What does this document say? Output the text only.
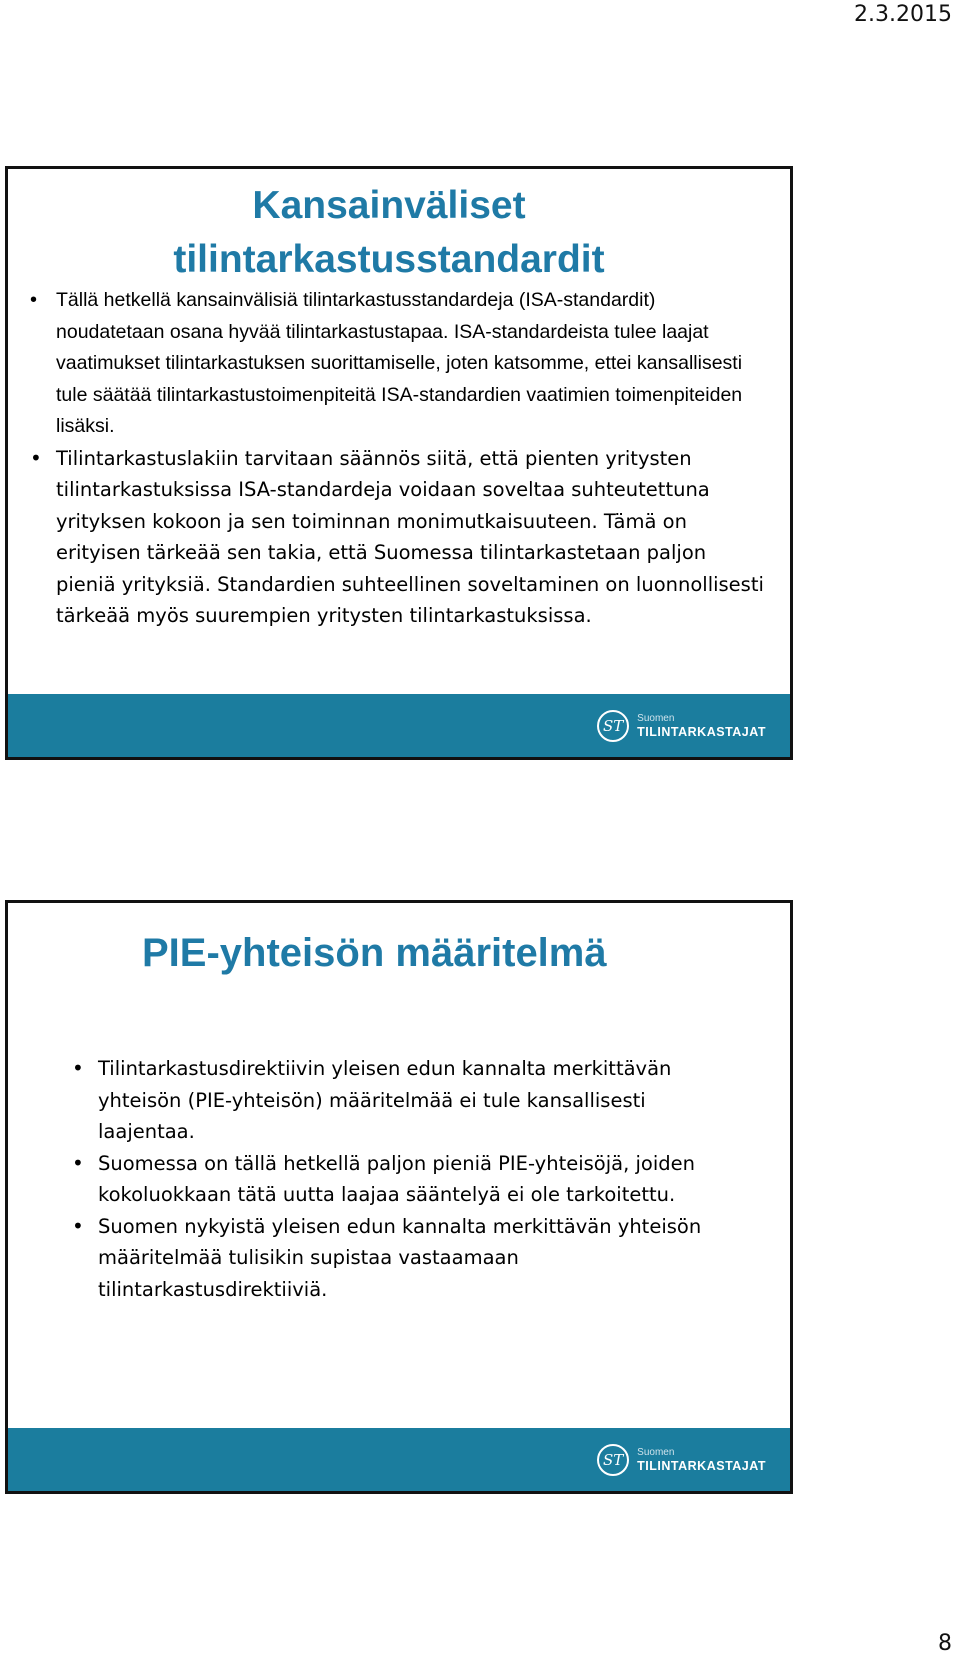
2.3.2015
Kansainväliset tilintarkastusstandardit
• Tällä hetkellä kansainvälisiä tilintarkastusstandardeja (ISA-standardit) noudatetaan osana hyvää tilintarkastustapaa. ISA-standardeista tulee laajat vaatimukset tilintarkastuksen suorittamiselle, joten katsomme, ettei kansallisesti tule säätää tilintarkastustoimenpiteitä ISA-standardien vaatimien toimenpiteiden lisäksi.
• Tilintarkastuslakiin tarvitaan säännös siitä, että pienten yritysten tilintarkastuksissa ISA-standardeja voidaan soveltaa suhteutettuna yrityksen kokoon ja sen toiminnan monimutkaisuuteen. Tämä on erityisen tärkeää sen takia, että Suomessa tilintarkastetaan paljon pieniä yrityksiä. Standardien suhteellinen soveltaminen on luonnollisesti tärkeää myös suurempien yritysten tilintarkastuksissa.
ST Suomen
TILINTARKASTAJAT
PIE-yhteisön määritelmä
• Tilintarkastusdirektiivin yleisen edun kannalta merkittävän yhteisön (PIE-yhteisön) määritelmää ei tule kansallisesti laajentaa.
• Suomessa on tällä hetkellä paljon pieniä PIE-yhteisöjä, joiden kokoluokkaan tätä uutta laajaa sääntelyä ei ole tarkoitettu.
• Suomen nykyistä yleisen edun kannalta merkittävän yhteisön määritelmää tulisikin supistaa vastaamaan tilintarkastusdirektiiviä.
ST Suomen
TILINTARKASTAJAT
8
